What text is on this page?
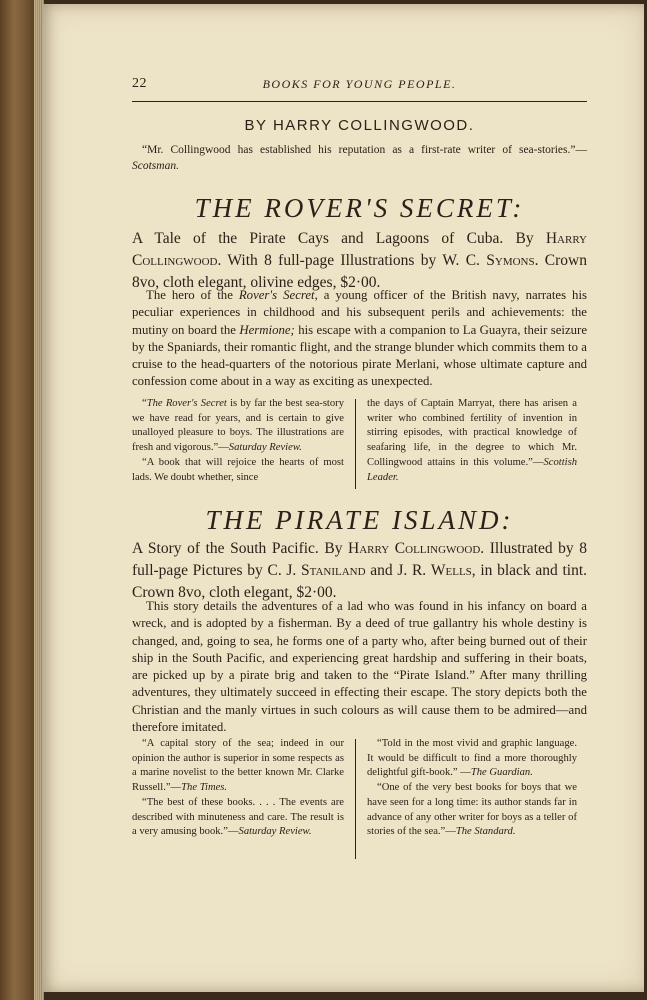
22	BOOKS FOR YOUNG PEOPLE.
BY HARRY COLLINGWOOD.
“Mr. Collingwood has established his reputation as a first-rate writer of sea-stories.”—Scotsman.
THE ROVER'S SECRET:
A Tale of the Pirate Cays and Lagoons of Cuba. By Harry Collingwood. With 8 full-page Illustrations by W. C. Symons. Crown 8vo, cloth elegant, olivine edges, $2·00.
The hero of the Rover's Secret, a young officer of the British navy, narrates his peculiar experiences in childhood and his subsequent perils and achievements: the mutiny on board the Hermione; his escape with a companion to La Guayra, their seizure by the Spaniards, their romantic flight, and the strange blunder which commits them to a cruise to the head-quarters of the notorious pirate Merlani, whose ultimate capture and confession come about in a way as exciting as unexpected.

“The Rover's Secret is by far the best sea-story we have read for years, and is certain to give unalloyed pleasure to boys. The illustrations are fresh and vigorous.”—Saturday Review.

“A book that will rejoice the hearts of most lads. We doubt whether, since

the days of Captain Marryat, there has arisen a writer who combined fertility of invention in stirring episodes, with practical knowledge of seafaring life, in the degree to which Mr. Collingwood attains in this volume.”—Scottish Leader.

THE PIRATE ISLAND:
A Story of the South Pacific. By Harry Collingwood. Illustrated by 8 full-page Pictures by C. J. Staniland and J. R. Wells, in black and tint. Crown 8vo, cloth elegant, $2·00.
This story details the adventures of a lad who was found in his infancy on board a wreck, and is adopted by a fisherman. By a deed of true gallantry his whole destiny is changed, and, going to sea, he forms one of a party who, after being burned out of their ship in the South Pacific, and experiencing great hardship and suffering in their boats, are picked up by a pirate brig and taken to the “Pirate Island.” After many thrilling adventures, they ultimately succeed in effecting their escape. The story depicts both the Christian and the manly virtues in such colours as will cause them to be admired—and therefore imitated.

“A capital story of the sea; indeed in our opinion the author is superior in some respects as a marine novelist to the better known Mr. Clarke Russell.”—The Times.

“The best of these books. . . . The events are described with minuteness and care. The result is a very amusing book.”—Saturday Review.

“Told in the most vivid and graphic language. It would be difficult to find a more thoroughly delightful gift-book.” —The Guardian.

“One of the very best books for boys that we have seen for a long time: its author stands far in advance of any other writer for boys as a teller of stories of the sea.”—The Standard.
